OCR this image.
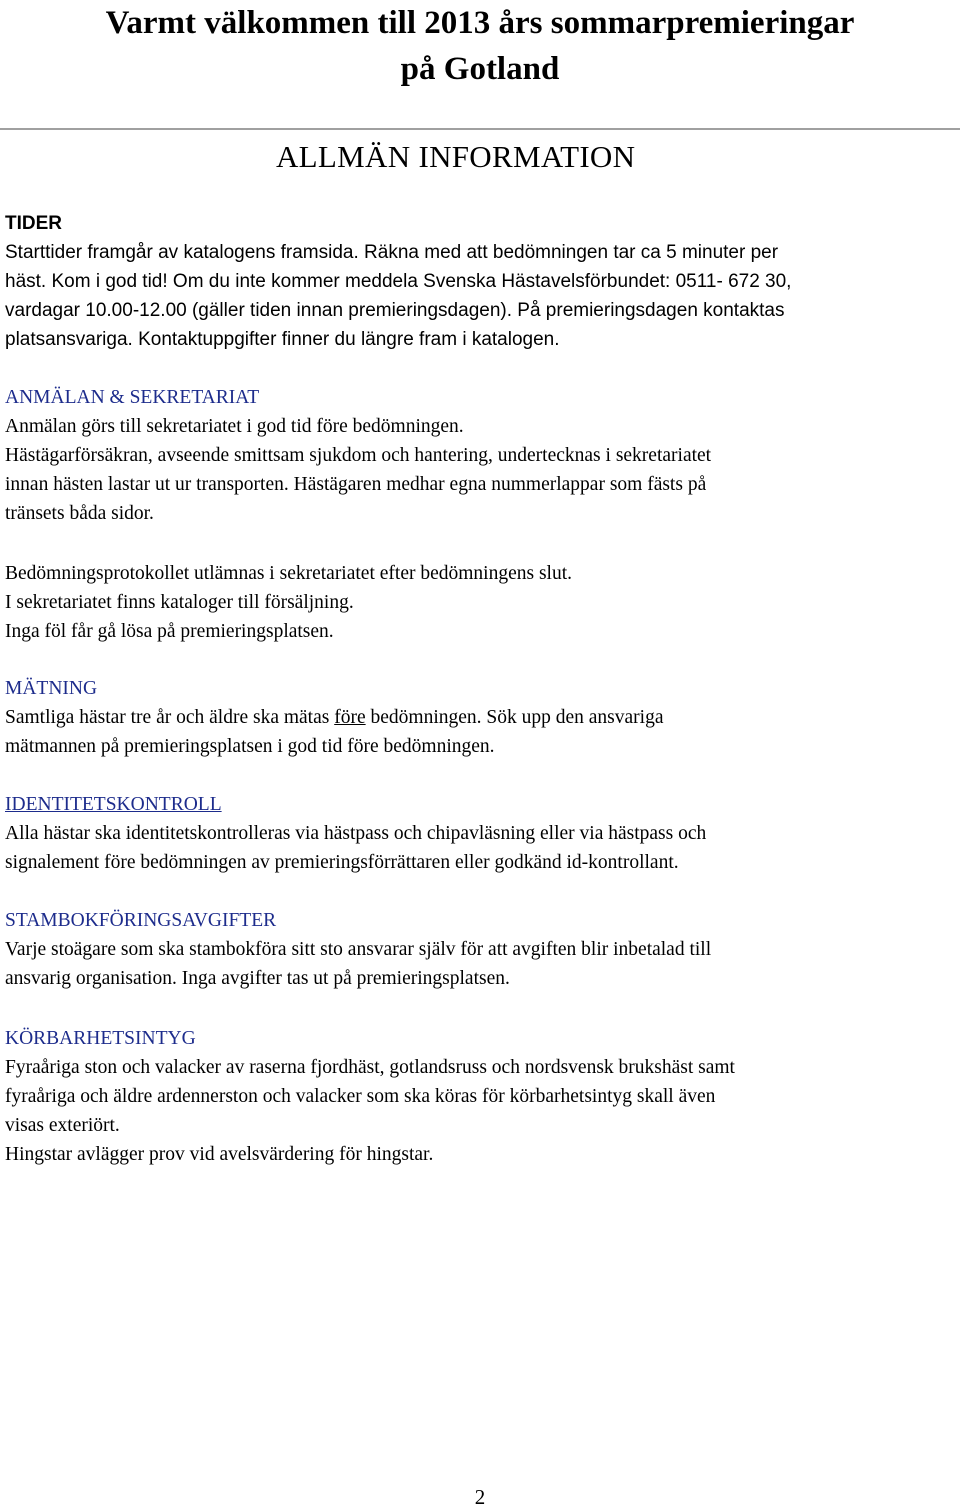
Varmt välkommen till 2013 års sommarpremieringar
på Gotland
ALLMÄN INFORMATION
TIDER
Starttider framgår av katalogens framsida. Räkna med att bedömningen tar ca 5 minuter per
häst. Kom i god tid! Om du inte kommer meddela Svenska Hästavelsförbundet: 0511- 672 30,
vardagar 10.00-12.00 (gäller tiden innan premieringsdagen). På premieringsdagen kontaktas
platsansvariga. Kontaktuppgifter finner du längre fram i katalogen.
ANMÄLAN & SEKRETARIAT
Anmälan görs till sekretariatet i god tid före bedömningen.
Hästägarförsäkran, avseende smittsam sjukdom och hantering, undertecknas i sekretariatet
innan hästen lastar ut ur transporten. Hästägaren medhar egna nummerlappar som fästs på
tränsets båda sidor.
Bedömningsprotokollet utlämnas i sekretariatet efter bedömningens slut.
I sekretariatet finns kataloger till försäljning.
Inga föl får gå lösa på premieringsplatsen.
MÄTNING
Samtliga hästar tre år och äldre ska mätas före bedömningen. Sök upp den ansvariga
mätmannen på premieringsplatsen i god tid före bedömningen.
IDENTITETSKONTROLL
Alla hästar ska identitetskontrolleras via hästpass och chipavläsning eller via hästpass och
signalement före bedömningen av premieringsförrättaren eller godkänd id-kontrollant.
STAMBOKFÖRINGSAVGIFTER
Varje stoägare som ska stambokföra sitt sto ansvarar själv för att avgiften blir inbetalad till
ansvarig organisation. Inga avgifter tas ut på premieringsplatsen.
KÖRBARHETSINTYG
Fyraåriga ston och valacker av raserna fjordhäst, gotlandsruss och nordsvensk brukshäst samt
fyraåriga och äldre ardennerston och valacker som ska köras för körbarhetsintyg skall även
visas exteriört.
Hingstar avlägger prov vid avelsvärdering för hingstar.
2
